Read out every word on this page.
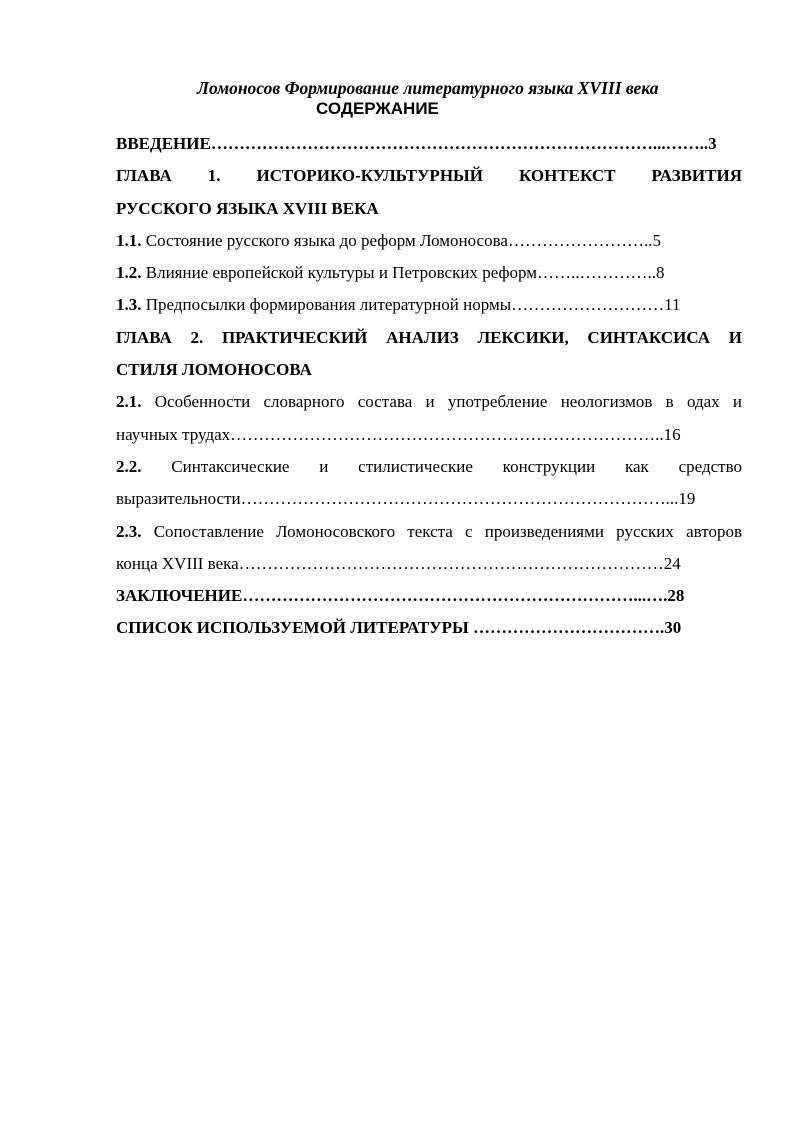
Ломоносов Формирование литературного языка XVIII века
СОДЕРЖАНИЕ
ВВЕДЕНИЕ……………………………………………………………………...……..3
ГЛАВА 1. ИСТОРИКО-КУЛЬТУРНЫЙ КОНТЕКСТ РАЗВИТИЯ
РУССКОГО ЯЗЫКА XVIII ВЕКА
1.1. Состояние русского языка до реформ Ломоносова……………………..5
1.2. Влияние европейской культуры и Петровских реформ……..…………..8
1.3. Предпосылки формирования литературной нормы………………………11
ГЛАВА 2. ПРАКТИЧЕСКИЙ АНАЛИЗ ЛЕКСИКИ, СИНТАКСИСА И
СТИЛЯ ЛОМОНОСОВА
2.1. Особенности словарного состава и употребление неологизмов в одах и
научных трудах…………………………………………………………………..16
2.2. Синтаксические и стилистические конструкции как средство
выразительности…………………………………………………………………...19
2.3. Сопоставление Ломоносовского текста с произведениями русских авторов
конца XVIII века…………………………………………………………………24
ЗАКЛЮЧЕНИЕ……………………………………………………………...….28
СПИСОК ИСПОЛЬЗУЕМОЙ ЛИТЕРАТУРЫ …………………………….30
